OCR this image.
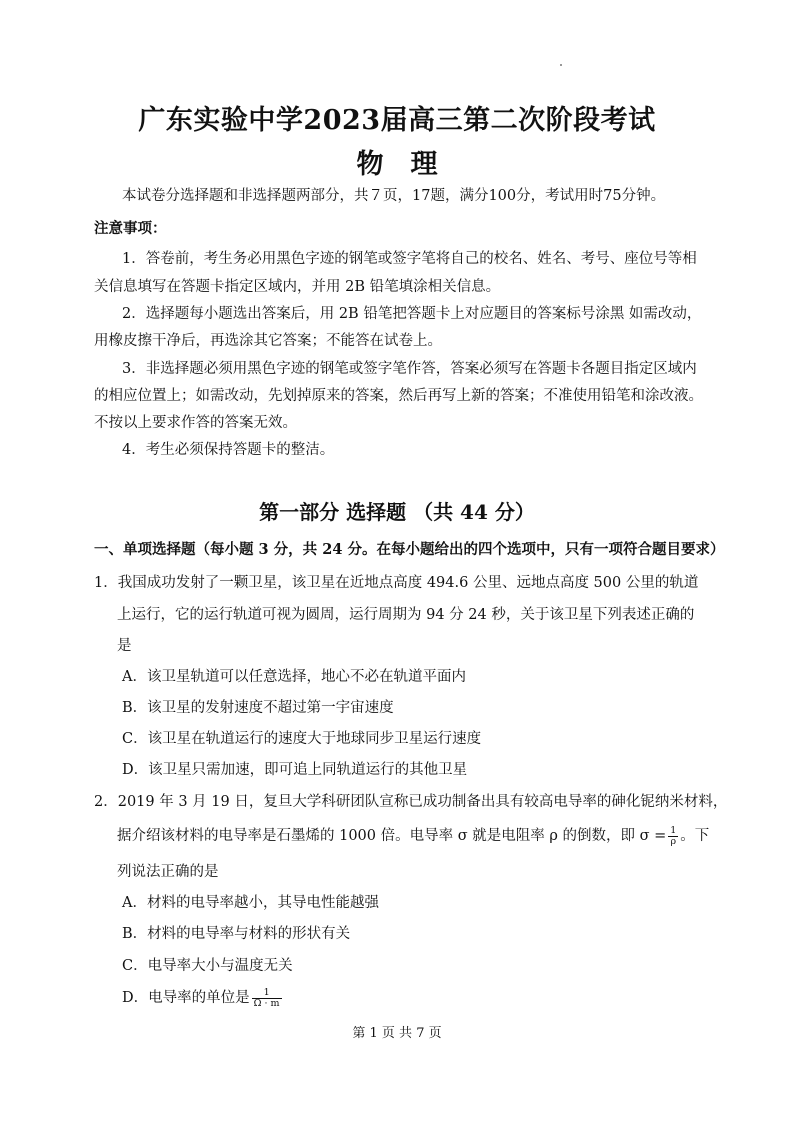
广东实验中学2023届高三第二次阶段考试
物　理
本试卷分选择题和非选择题两部分，共７页，17题，满分100分，考试用时75分钟。
注意事项：
1．答卷前，考生务必用黑色字迹的钢笔或签字笔将自己的校名、姓名、考号、座位号等相
关信息填写在答题卡指定区域内，并用 2B 铅笔填涂相关信息。
2．选择题每小题选出答案后，用 2B 铅笔把答题卡上对应题目的答案标号涂黑 如需改动，
用橡皮擦干净后，再选涂其它答案；不能答在试卷上。
3．非选择题必须用黑色字迹的钢笔或签字笔作答，答案必须写在答题卡各题目指定区域内
的相应位置上；如需改动，先划掉原来的答案，然后再写上新的答案；不准使用铅笔和涂改液。
不按以上要求作答的答案无效。
4．考生必须保持答题卡的整洁。
第一部分 选择题 （共 44 分）
一、单项选择题（每小题 3 分，共 24 分。在每小题给出的四个选项中，只有一项符合题目要求）
1．我国成功发射了一颗卫星，该卫星在近地点高度 494.6 公里、远地点高度 500 公里的轨道
上运行，它的运行轨道可视为圆周，运行周期为 94 分 24 秒，关于该卫星下列表述正确的
是
A．该卫星轨道可以任意选择，地心不必在轨道平面内
B．该卫星的发射速度不超过第一宇宙速度
C．该卫星在轨道运行的速度大于地球同步卫星运行速度
D．该卫星只需加速，即可追上同轨道运行的其他卫星
2．2019 年 3 月 19 日，复旦大学科研团队宣称已成功制备出具有较高电导率的砷化铌纳米材料，
据介绍该材料的电导率是石墨烯的 1000 倍。电导率 σ 就是电阻率 ρ 的倒数，即 $\sigma = \frac{1}{\rho}$ 。下
列说法正确的是
A．材料的电导率越小，其导电性能越强
B．材料的电导率与材料的形状有关
C．电导率大小与温度无关
D．电导率的单位是 $\frac{1}{\Omega \cdot m}$
第 1 页 共 7 页
